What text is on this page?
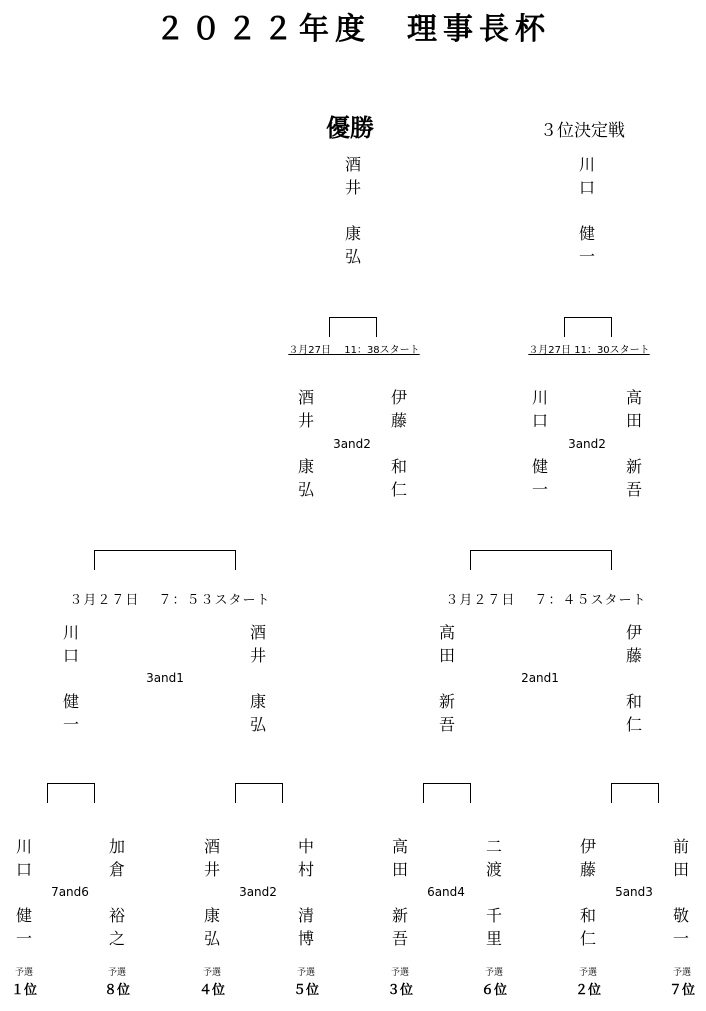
２０２２年度　理事長杯
優勝
酒
井
康
弘
３位決定戦
川
口
健
一
３月27日　 11：38スタート	３月27日 11：30スタート
酒
井
康
弘
伊
藤
和
仁
3and2
川
口
健
一
高
田
新
吾
3and2
３月２７日　 ７：５３スタート	３月２７日　 ７：４５スタート
川
口
健
一
酒
井
康
弘
3and1
高
田
新
吾
伊
藤
和
仁
2and1
川
口
健
一
加
倉
裕
之
7and6
酒
井
康
弘
中
村
清
博
3and2
高
田
新
吾
二
渡
千
里
6and4
伊
藤
和
仁
前
田
敬
一
5and3
予選
１位
予選
８位
予選
４位
予選
５位
予選
３位
予選
６位
予選
２位
予選
７位
